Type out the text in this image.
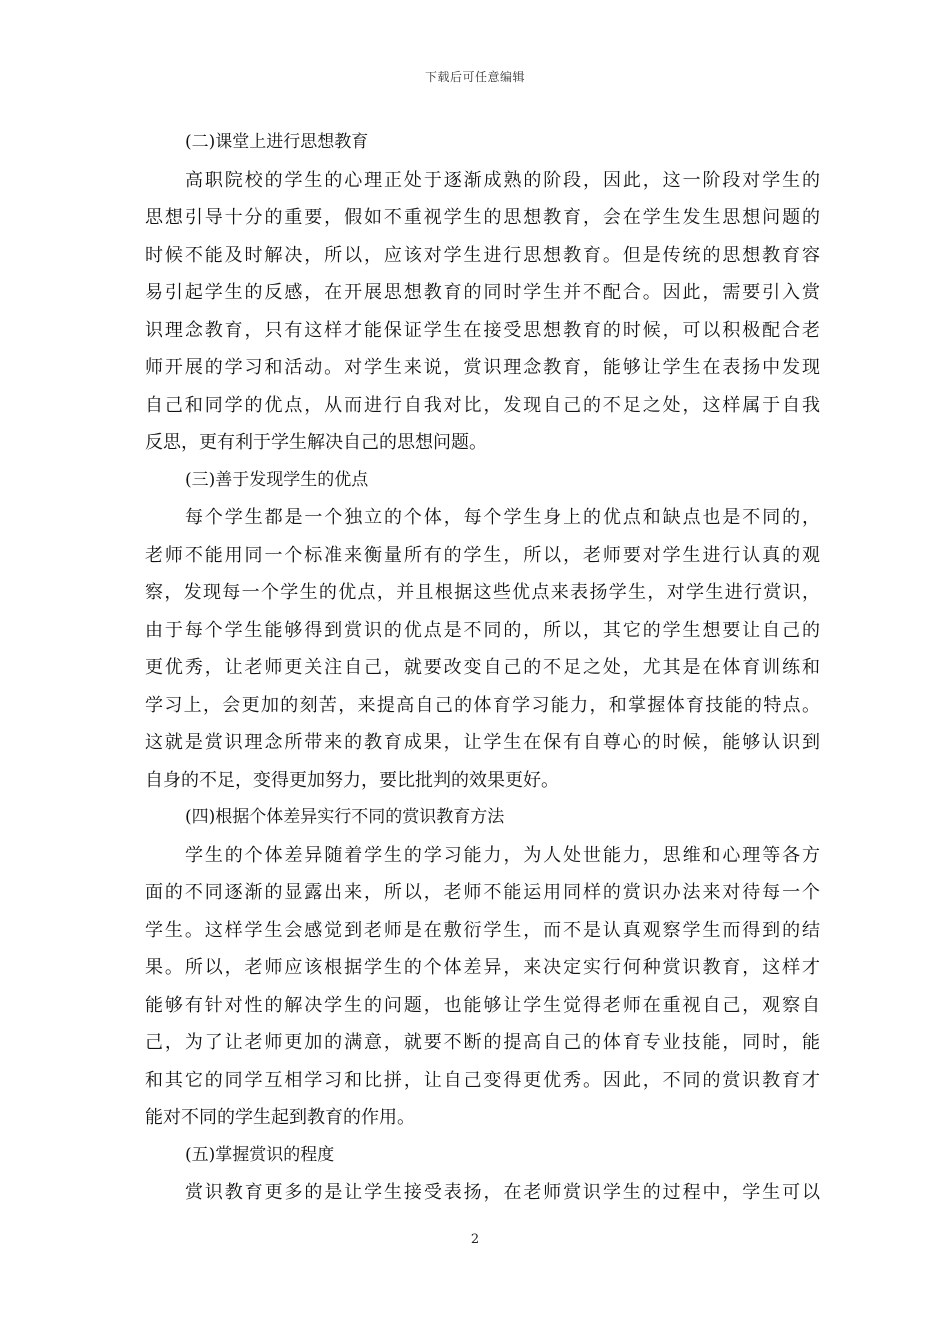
下载后可任意编辑
(二)课堂上进行思想教育
高职院校的学生的心理正处于逐渐成熟的阶段，因此，这一阶段对学生的
思想引导十分的重要，假如不重视学生的思想教育，会在学生发生思想问题的
时候不能及时解决，所以，应该对学生进行思想教育。但是传统的思想教育容
易引起学生的反感，在开展思想教育的同时学生并不配合。因此，需要引入赏
识理念教育，只有这样才能保证学生在接受思想教育的时候，可以积极配合老
师开展的学习和活动。对学生来说，赏识理念教育，能够让学生在表扬中发现
自己和同学的优点，从而进行自我对比，发现自己的不足之处，这样属于自我
反思，更有利于学生解决自己的思想问题。
(三)善于发现学生的优点
每个学生都是一个独立的个体，每个学生身上的优点和缺点也是不同的，
老师不能用同一个标准来衡量所有的学生，所以，老师要对学生进行认真的观
察，发现每一个学生的优点，并且根据这些优点来表扬学生，对学生进行赏识，
由于每个学生能够得到赏识的优点是不同的，所以，其它的学生想要让自己的
更优秀，让老师更关注自己，就要改变自己的不足之处，尤其是在体育训练和
学习上，会更加的刻苦，来提高自己的体育学习能力，和掌握体育技能的特点。
这就是赏识理念所带来的教育成果，让学生在保有自尊心的时候，能够认识到
自身的不足，变得更加努力，要比批判的效果更好。
(四)根据个体差异实行不同的赏识教育方法
学生的个体差异随着学生的学习能力，为人处世能力，思维和心理等各方
面的不同逐渐的显露出来，所以，老师不能运用同样的赏识办法来对待每一个
学生。这样学生会感觉到老师是在敷衍学生，而不是认真观察学生而得到的结
果。所以，老师应该根据学生的个体差异，来决定实行何种赏识教育，这样才
能够有针对性的解决学生的问题，也能够让学生觉得老师在重视自己，观察自
己，为了让老师更加的满意，就要不断的提高自己的体育专业技能，同时，能
和其它的同学互相学习和比拼，让自己变得更优秀。因此，不同的赏识教育才
能对不同的学生起到教育的作用。
(五)掌握赏识的程度
赏识教育更多的是让学生接受表扬，在老师赏识学生的过程中，学生可以
2
